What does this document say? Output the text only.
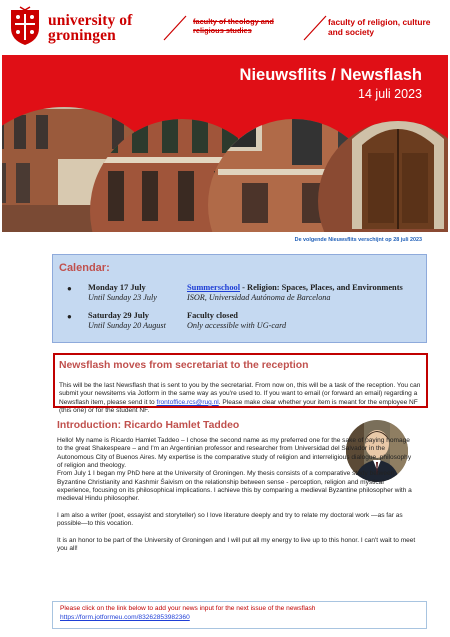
university of
groningen
faculty of theology and
religious studies
faculty of religion, culture
and society
Nieuwsflits / Newsflash
14 juli 2023
De volgende Nieuwsflits verschijnt op 28 juli 2023
Calendar:
● Monday 17 July
Until Sunday 23 July
Summerschool - Religion: Spaces, Places, and Environments
ISOR, Universidad Autónoma de Barcelona
● Saturday 29 July
Until Sunday 20 August
Faculty closed
Only accessible with UG-card
Newsflash moves from secretariat to the reception
This will be the last Newsflash that is sent to you by the secretariat. From now on, this will be a task of the reception. You can submit your newsitems via Jotform in the same way as you're used to. If you want to email (or forward an email) regarding a Newsflash item, please send it to frontoffice.rcs@rug.nl. Please make clear whether your item is meant for the employee NF (this one) or for the student NF.
Introduction: Ricardo Hamlet Taddeo

Hello! My name is Ricardo Hamlet Taddeo – I chose the second name as my preferred one for the sake of paying homage to the great Shakespeare – and I'm an Argentinian professor and researcher from Universidad del Salvador in the Autonomous City of Buenos Aires. My expertise is the comparative study of religion and interreligious dialogue, philosophy of religion and theology.

From July 1 I began my PhD here at the University of Groningen. My thesis consists of a comparative study between Byzantine Christianity and Kashmir Śaivism on the relationship between sense - perception, religion and mystical experience, focusing on its philosophical implications. I achieve this by comparing a medieval Byzantine philosopher with a medieval Hindu philosopher.

I am also a writer (poet, essayist and storyteller) so I love literature deeply and try to relate my doctoral work —as far as possible—to this vocation.

It is an honor to be part of the University of Groningen and I will put all my energy to live up to this honor. I can't wait to meet you all!

Please click on the link below to add your news input for the next issue of the newsflash
https://form.jotformeu.com/83262853982360
